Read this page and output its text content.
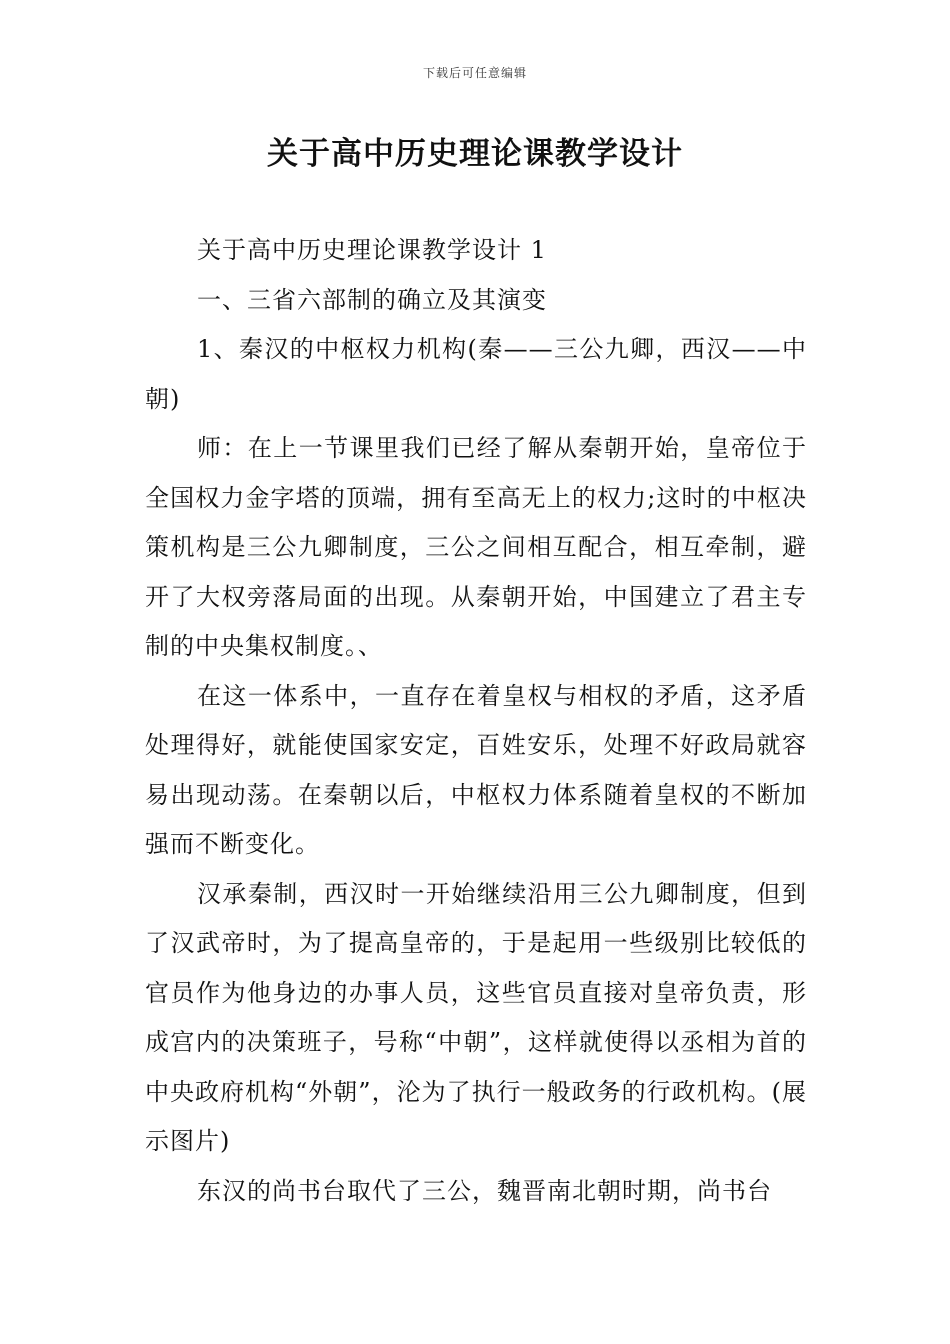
下载后可任意编辑
关于高中历史理论课教学设计

关于高中历史理论课教学设计 1

一、三省六部制的确立及其演变

1、秦汉的中枢权力机构(秦——三公九卿，西汉——中朝)

师：在上一节课里我们已经了解从秦朝开始，皇帝位于全国权力金字塔的顶端，拥有至高无上的权力;这时的中枢决策机构是三公九卿制度，三公之间相互配合，相互牵制，避开了大权旁落局面的出现。从秦朝开始，中国建立了君主专制的中央集权制度。、

在这一体系中，一直存在着皇权与相权的矛盾，这矛盾处理得好，就能使国家安定，百姓安乐，处理不好政局就容易出现动荡。在秦朝以后，中枢权力体系随着皇权的不断加强而不断变化。

汉承秦制，西汉时一开始继续沿用三公九卿制度，但到了汉武帝时，为了提高皇帝的，于是起用一些级别比较低的官员作为他身边的办事人员，这些官员直接对皇帝负责，形成宫内的决策班子，号称“中朝”，这样就使得以丞相为首的中央政府机构“外朝”，沦为了执行一般政务的行政机构。(展示图片)

东汉的尚书台取代了三公，魏晋南北朝时期，尚书台
